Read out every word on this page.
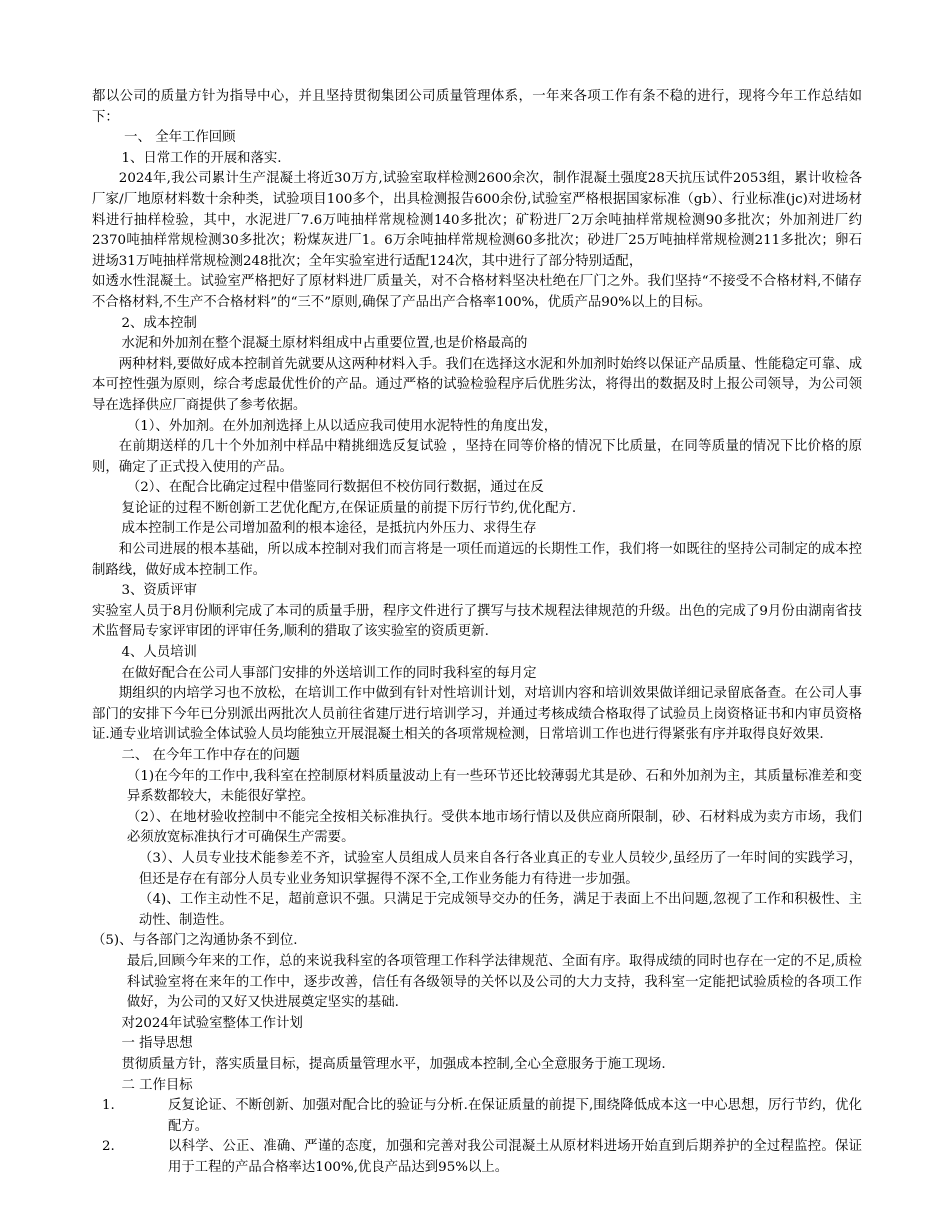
都以公司的质量方针为指导中心，并且坚持贯彻集团公司质量管理体系，一年来各项工作有条不稳的进行，现将今年工作总结如下：

一、 全年工作回顾

1、日常工作的开展和落实.

2024年,我公司累计生产混凝土将近30万方,试验室取样检测2600余次，制作混凝土强度28天抗压试件2053组，累计收检各厂家/厂地原材料数十余种类，试验项目100多个，出具检测报告600余份,试验室严格根据国家标准（gb）、行业标准(jc)对进场材料进行抽样检验，其中，水泥进厂7.6万吨抽样常规检测140多批次；矿粉进厂2万余吨抽样常规检测90多批次；外加剂进厂约2370吨抽样常规检测30多批次；粉煤灰进厂1。6万余吨抽样常规检测60多批次；砂进厂25万吨抽样常规检测211多批次；卵石进场31万吨抽样常规检测248批次；全年实验室进行适配124次，其中进行了部分特别适配，

如透水性混凝土。试验室严格把好了原材料进厂质量关，对不合格材料坚决杜绝在厂门之外。我们坚持“不接受不合格材料,不储存不合格材料,不生产不合格材料”的“三不”原则,确保了产品出产合格率100%，优质产品90%以上的目标。

2、成本控制

水泥和外加剂在整个混凝土原材料组成中占重要位置,也是价格最高的

两种材料,要做好成本控制首先就要从这两种材料入手。我们在选择这水泥和外加剂时始终以保证产品质量、性能稳定可靠、成本可控性强为原则，综合考虑最优性价的产品。通过严格的试验检验程序后优胜劣汰，将得出的数据及时上报公司领导，为公司领导在选择供应厂商提供了参考依据。

（1）、外加剂。在外加剂选择上从以适应我司使用水泥特性的角度出发，

在前期送样的几十个外加剂中样品中精挑细选反复试验 ，坚持在同等价格的情况下比质量，在同等质量的情况下比价格的原则，确定了正式投入使用的产品。

（2）、在配合比确定过程中借鉴同行数据但不校仿同行数据，通过在反

复论证的过程不断创新工艺优化配方,在保证质量的前提下厉行节约,优化配方.

成本控制工作是公司增加盈利的根本途径，是抵抗内外压力、求得生存

和公司进展的根本基础，所以成本控制对我们而言将是一项任而道远的长期性工作，我们将一如既往的坚持公司制定的成本控制路线，做好成本控制工作。

3、资质评审

实验室人员于8月份顺利完成了本司的质量手册，程序文件进行了撰写与技术规程法律规范的升级。出色的完成了9月份由湖南省技术监督局专家评审团的评审任务,顺利的猎取了该实验室的资质更新.

4、人员培训

在做好配合在公司人事部门安排的外送培训工作的同时我科室的每月定

期组织的内培学习也不放松，在培训工作中做到有针对性培训计划，对培训内容和培训效果做详细记录留底备查。在公司人事部门的安排下今年已分别派出两批次人员前往省建厅进行培训学习，并通过考核成绩合格取得了试验员上岗资格证书和内审员资格证.通专业培训试验全体试验人员均能独立开展混凝土相关的各项常规检测，日常培训工作也进行得紧张有序并取得良好效果.

二、 在今年工作中存在的问题

（1)在今年的工作中,我科室在控制原材料质量波动上有一些环节还比较薄弱尤其是砂、石和外加剂为主，其质量标准差和变异系数都较大，未能很好掌控。

（2）、在地材验收控制中不能完全按相关标准执行。受供本地市场行情以及供应商所限制，砂、石材料成为卖方市场，我们必须放宽标准执行才可确保生产需要。

（3）、人员专业技术能参差不齐，试验室人员组成人员来自各行各业真正的专业人员较少,虽经历了一年时间的实践学习，但还是存在有部分人员专业业务知识掌握得不深不全,工作业务能力有待进一步加强。

（4)、工作主动性不足，超前意识不强。只满足于完成领导交办的任务，满足于表面上不出问题,忽视了工作和积极性、主动性、制造性。

（5)、与各部门之沟通协条不到位.

最后,回顾今年来的工作，总的来说我科室的各项管理工作科学法律规范、全面有序。取得成绩的同时也存在一定的不足,质检科试验室将在来年的工作中，逐步改善，信任有各级领导的关怀以及公司的大力支持，我科室一定能把试验质检的各项工作做好，为公司的又好又快进展奠定坚实的基础.

对2024年试验室整体工作计划

一 指导思想

贯彻质量方针，落实质量目标，提高质量管理水平，加强成本控制,全心全意服务于施工现场.

二 工作目标

1.	反复论证、不断创新、加强对配合比的验证与分析.在保证质量的前提下,围绕降低成本这一中心思想，厉行节约，优化配方。
2.	以科学、公正、准确、严谨的态度，加强和完善对我公司混凝土从原材料进场开始直到后期养护的全过程监控。保证用于工程的产品合格率达100%,优良产品达到95%以上。
